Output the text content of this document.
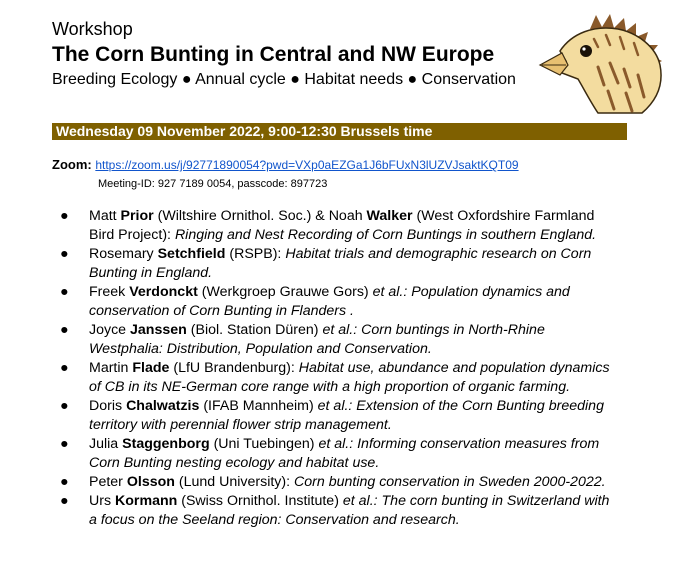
Workshop
The Corn Bunting in Central and NW Europe
Breeding Ecology ● Annual cycle ● Habitat needs ● Conservation
Wednesday 09 November 2022, 9:00-12:30 Brussels time
Zoom: https://zoom.us/j/92771890054?pwd=VXp0aEZGa1J6bFUxN3lUZVJsaktKQT09
Meeting-ID: 927 7189 0054, passcode: 897723
● Matt Prior (Wiltshire Ornithol. Soc.) & Noah Walker (West Oxfordshire Farmland
Bird Project): Ringing and Nest Recording of Corn Buntings in southern England.
● Rosemary Setchfield (RSPB): Habitat trials and demographic research on Corn
Bunting in England.
● Freek Verdonckt (Werkgroep Grauwe Gors) et al.: Population dynamics and
conservation of Corn Bunting in Flanders .
● Joyce Janssen (Biol. Station Düren) et al.: Corn buntings in North-Rhine
Westphalia: Distribution, Population and Conservation.
● Martin Flade (LfU Brandenburg): Habitat use, abundance and population dynamics
of CB in its NE-German core range with a high proportion of organic farming.
● Doris Chalwatzis (IFAB Mannheim) et al.: Extension of the Corn Bunting breeding
territory with perennial flower strip management.
● Julia Staggenborg (Uni Tuebingen) et al.: Informing conservation measures from
Corn Bunting nesting ecology and habitat use.
● Peter Olsson (Lund University): Corn bunting conservation in Sweden 2000-2022.
● Urs Kormann (Swiss Ornithol. Institute) et al.: The corn bunting in Switzerland with
a focus on the Seeland region: Conservation and research.
